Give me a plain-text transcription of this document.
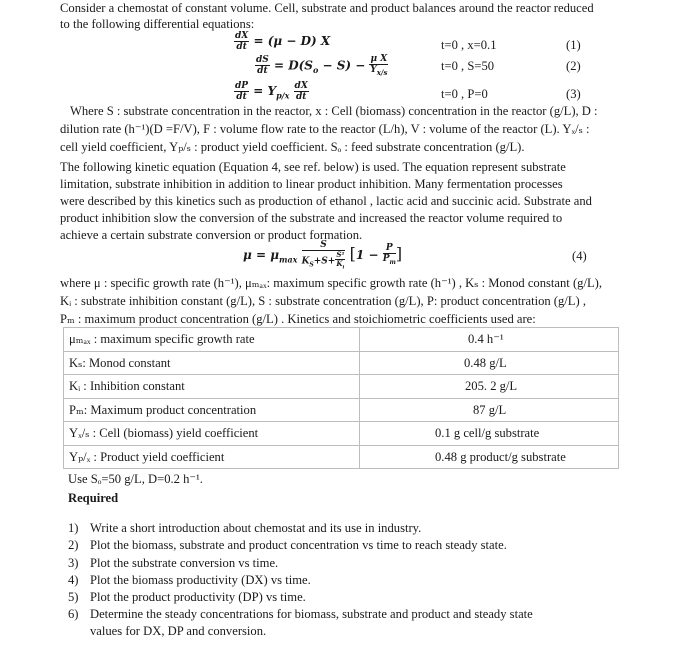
Consider a chemostat of constant volume. Cell, substrate and product balances around the reactor reduced
to the following differential equations:
$\frac{dX}{dt} = (\mu - D)$ X	t=0 , x=0.1	(1)
$\frac{dS}{dt} = D(S_o - S) - \frac{\text{μ X}}{Y_{x/s}}$	t=0 , S=50	(2)
$\frac{dP}{dt} = Y_{p/x} \frac{dX}{dt}$	t=0 , P=0	(3)
Where S : substrate concentration in the reactor, x : Cell (biomass) concentration in the reactor (g/L), D :
dilution rate (h⁻¹)(D =F/V), F : volume flow rate to the reactor (L/h), V : volume of the reactor (L). Yₓ/ₛ :
cell yield coefficient, Yₚ/ₛ : product yield coefficient. Sₒ : feed substrate concentration (g/L).
The following kinetic equation (Equation 4, see ref. below) is used. The equation represent substrate
limitation, substrate inhibition in addition to linear product inhibition. Many fermentation processes
were described by this kinetics such as production of ethanol , lactic acid and succinic acid. Substrate and
product inhibition slow the conversion of the substrate and increased the reactor volume required to
achieve a certain substrate conversion or product formation.
$\mu = \mu_{max} \frac{S}{K_S+S+ \frac{\text{S²}}{K_i}} [1 - \frac{P}{P_m}$ ]	(4)
where μ : specific growth rate (h⁻¹), μₘₐₓ: maximum specific growth rate (h⁻¹) , Kₛ : Monod constant (g/L),
Kᵢ : substrate inhibition constant (g/L), S : substrate concentration (g/L), P: product concentration (g/L) ,
Pₘ : maximum product concentration (g/L) . Kinetics and stoichiometric coefficients used are:
μₘₐₓ : maximum specific growth rate	0.4 h⁻¹
Kₛ: Monod constant	0.48 g/L
Kᵢ : Inhibition constant	205. 2 g/L
Pₘ: Maximum product concentration	87 g/L
Yₓ/ₛ : Cell (biomass) yield coefficient	0.1 g cell/g substrate
Yₚ/ₓ : Product yield coefficient	0.48 g product/g substrate
Use Sₒ=50 g/L, D=0.2 h⁻¹.
Required
1) Write a short introduction about chemostat and its use in industry.
2) Plot the biomass, substrate and product concentration vs time to reach steady state.
3) Plot the substrate conversion vs time.
4) Plot the biomass productivity (DX) vs time.
5) Plot the product productivity (DP) vs time.
6) Determine the steady concentrations for biomass, substrate and product and steady state
values for DX, DP and conversion.
